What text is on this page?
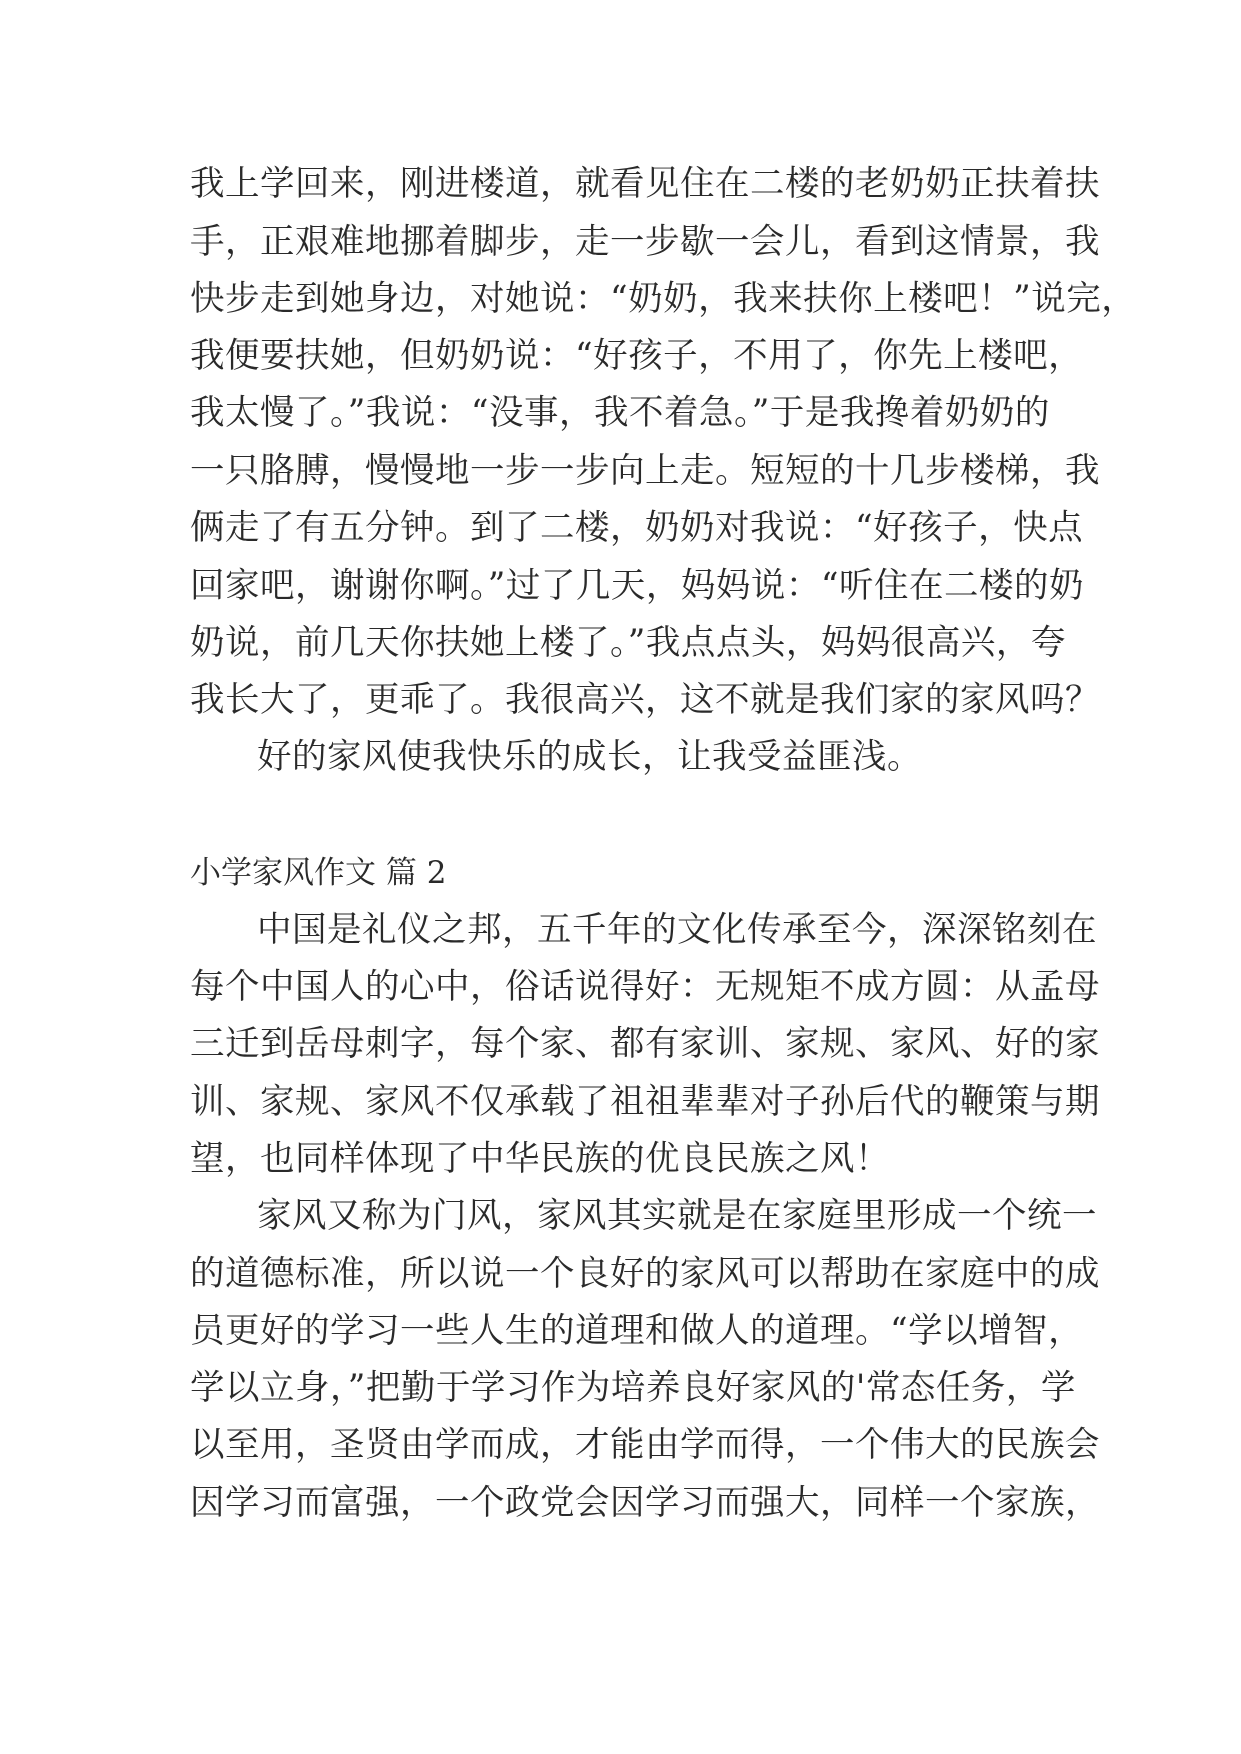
我上学回来，刚进楼道，就看见住在二楼的老奶奶正扶着扶
手，正艰难地挪着脚步，走一步歇一会儿，看到这情景，我
快步走到她身边，对她说：“奶奶，我来扶你上楼吧！”说完，
我便要扶她，但奶奶说：“好孩子，不用了，你先上楼吧，
我太慢了。”我说：“没事，我不着急。”于是我搀着奶奶的
一只胳膊，慢慢地一步一步向上走。短短的十几步楼梯，我
俩走了有五分钟。到了二楼，奶奶对我说：“好孩子，快点
回家吧，谢谢你啊。”过了几天，妈妈说：“听住在二楼的奶
奶说，前几天你扶她上楼了。”我点点头，妈妈很高兴，夸
我长大了，更乖了。我很高兴，这不就是我们家的家风吗？
好的家风使我快乐的成长，让我受益匪浅。
小学家风作文 篇 2
中国是礼仪之邦，五千年的文化传承至今，深深铭刻在
每个中国人的心中，俗话说得好：无规矩不成方圆：从孟母
三迁到岳母刺字，每个家、都有家训、家规、家风、好的家
训、家规、家风不仅承载了祖祖辈辈对子孙后代的鞭策与期
望，也同样体现了中华民族的优良民族之风！
家风又称为门风，家风其实就是在家庭里形成一个统一
的道德标准，所以说一个良好的家风可以帮助在家庭中的成
员更好的学习一些人生的道理和做人的道理。“学以增智，
学以立身，”把勤于学习作为培养良好家风的'常态任务，学
以至用，圣贤由学而成，才能由学而得，一个伟大的民族会
因学习而富强，一个政党会因学习而强大，同样一个家族，
